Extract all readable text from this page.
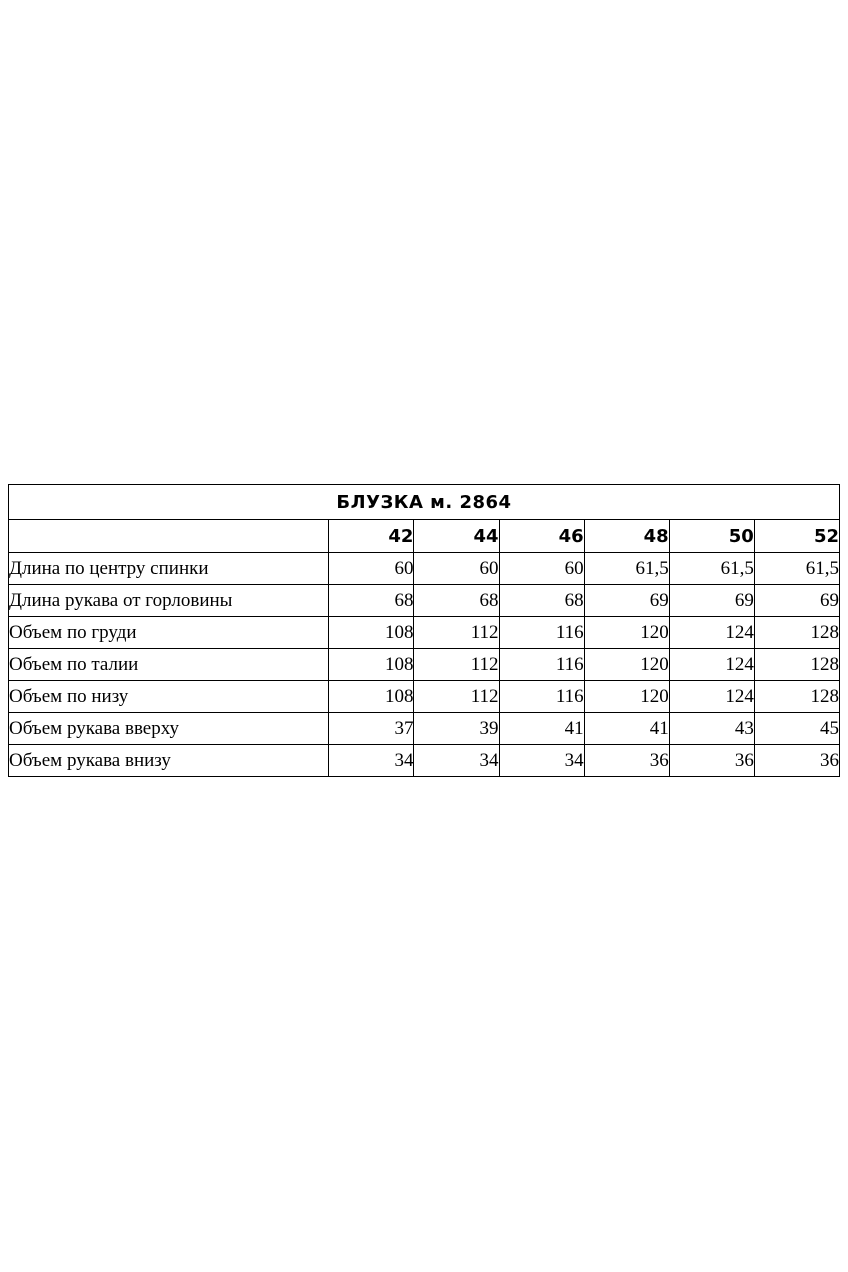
БЛУЗКА м. 2864						
	42	44	46	48	50	52
Длина по центру спинки	60	60	60	61,5	61,5	61,5
Длина рукава от горловины	68	68	68	69	69	69
Объем по груди	108	112	116	120	124	128
Объем по талии	108	112	116	120	124	128
Объем по низу	108	112	116	120	124	128
Объем рукава вверху	37	39	41	41	43	45
Объем рукава внизу	34	34	34	36	36	36
